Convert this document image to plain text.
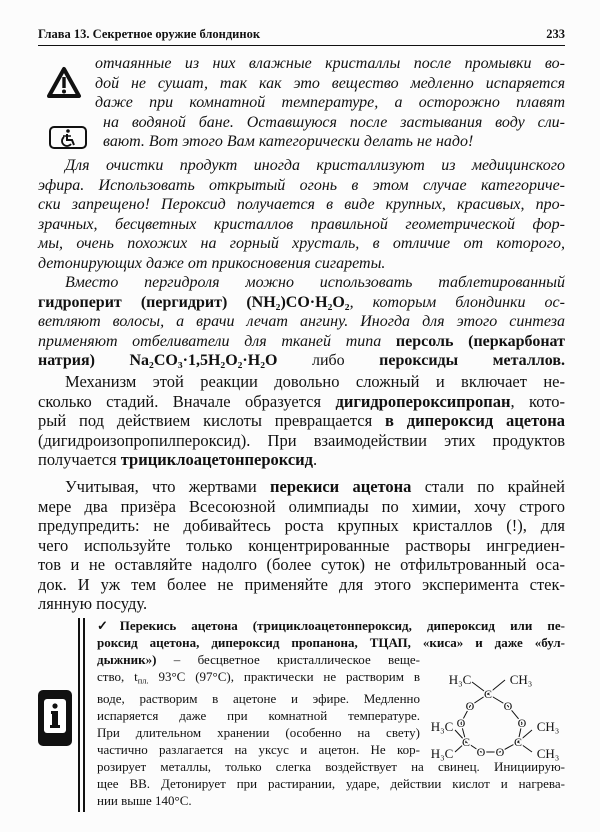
Глава 13. Секретное оружие блондинок	233
отчаянные из них влажные кристаллы после промывки во-
дой не сушат, так как это вещество медленно испаряется
даже при комнатной температуре, а осторожно плавят
на водяной бане. Оставшуюся после застывания воду сли-
вают. Вот этого Вам категорически делать не надо!
Для очистки продукт иногда кристаллизуют из медицинского
эфира. Использовать открытый огонь в этом случае категориче-
ски запрещено! Пероксид получается в виде крупных, красивых, про-
зрачных, бесцветных кристаллов правильной геометрической фор-
мы, очень похожих на горный хрусталь, в отличие от которого,
детонирующих даже от прикосновения сигареты.
Вместо пергидроля можно использовать таблетированный
гидроперит (пергидрит) (NH₂)CO·H₂O₂, которым блондинки ос-
ветляют волосы, а врачи лечат ангину. Иногда для этого синтеза
применяют отбеливатели для тканей типа персоль (перкарбонат
натрия) Na₂CO₃·1,5H₂O₂·H₂O либо пероксиды металлов.
Механизм этой реакции довольно сложный и включает не-
сколько стадий. Вначале образуется дигидропероксипропан, кото-
рый под действием кислоты превращается в дипероксид ацетона
(дигидроизопропилпероксид). При взаимодействии этих продуктов
получается трициклоацетонпероксид.
Учитывая, что жертвами перекиси ацетона стали по крайней
мере два призёра Всесоюзной олимпиады по химии, хочу строго
предупредить: не добивайтесь роста крупных кристаллов (!), для
чего используйте только концентрированные растворы ингредиен-
тов и не оставляйте надолго (более суток) не отфильтрованный оса-
док. И уж тем более не применяйте для этого эксперимента стек-
лянную посуду.
✓Перекись ацетона (трициклоацетонпероксид, дипероксид или пе-
роксид ацетона, дипероксид пропанона, ТЦАП, «киса» и даже «бул-
дыжник») – бесцветное кристаллическое веще-
ство, $t_{пл.}$ 93°C (97°C), практически не растворим в
воде, растворим в ацетоне и эфире. Медленно
испаряется даже при комнатной температуре.
При длительном хранении (особенно на свету)
частично разлагается на уксус и ацетон. Не кор-
розирует металлы, только слегка воздействует на свинец. Инициирую-
щее ВВ. Детонирует при растирании, ударе, действии кислот и нагрева-
нии выше 140°C.
H₃C	CH₃
H₃C
H₃C
CH₃
CH₃
C
C	C
O
O
O
O
O
O
